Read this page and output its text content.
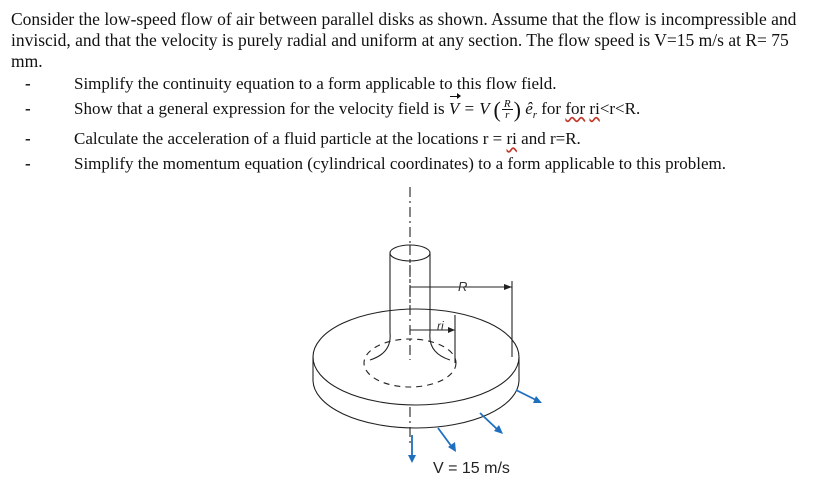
Consider the low-speed flow of air between parallel disks as shown. Assume that the flow is incompressible and inviscid, and that the velocity is purely radial and uniform at any section. The flow speed is V=15 m/s at R= 75 mm.
-	Simplify the continuity equation to a form applicable to this flow field.
-	Show that a general expression for the velocity field is V = V ( $\frac{R}{r}$ ) $ê_r$ for for ri<r<R.
-	Calculate the acceleration of a fluid particle at the locations r = ri and r=R.
-	Simplify the momentum equation (cylindrical coordinates) to a form applicable to this problem.
R
ri
V = 15 m/s
